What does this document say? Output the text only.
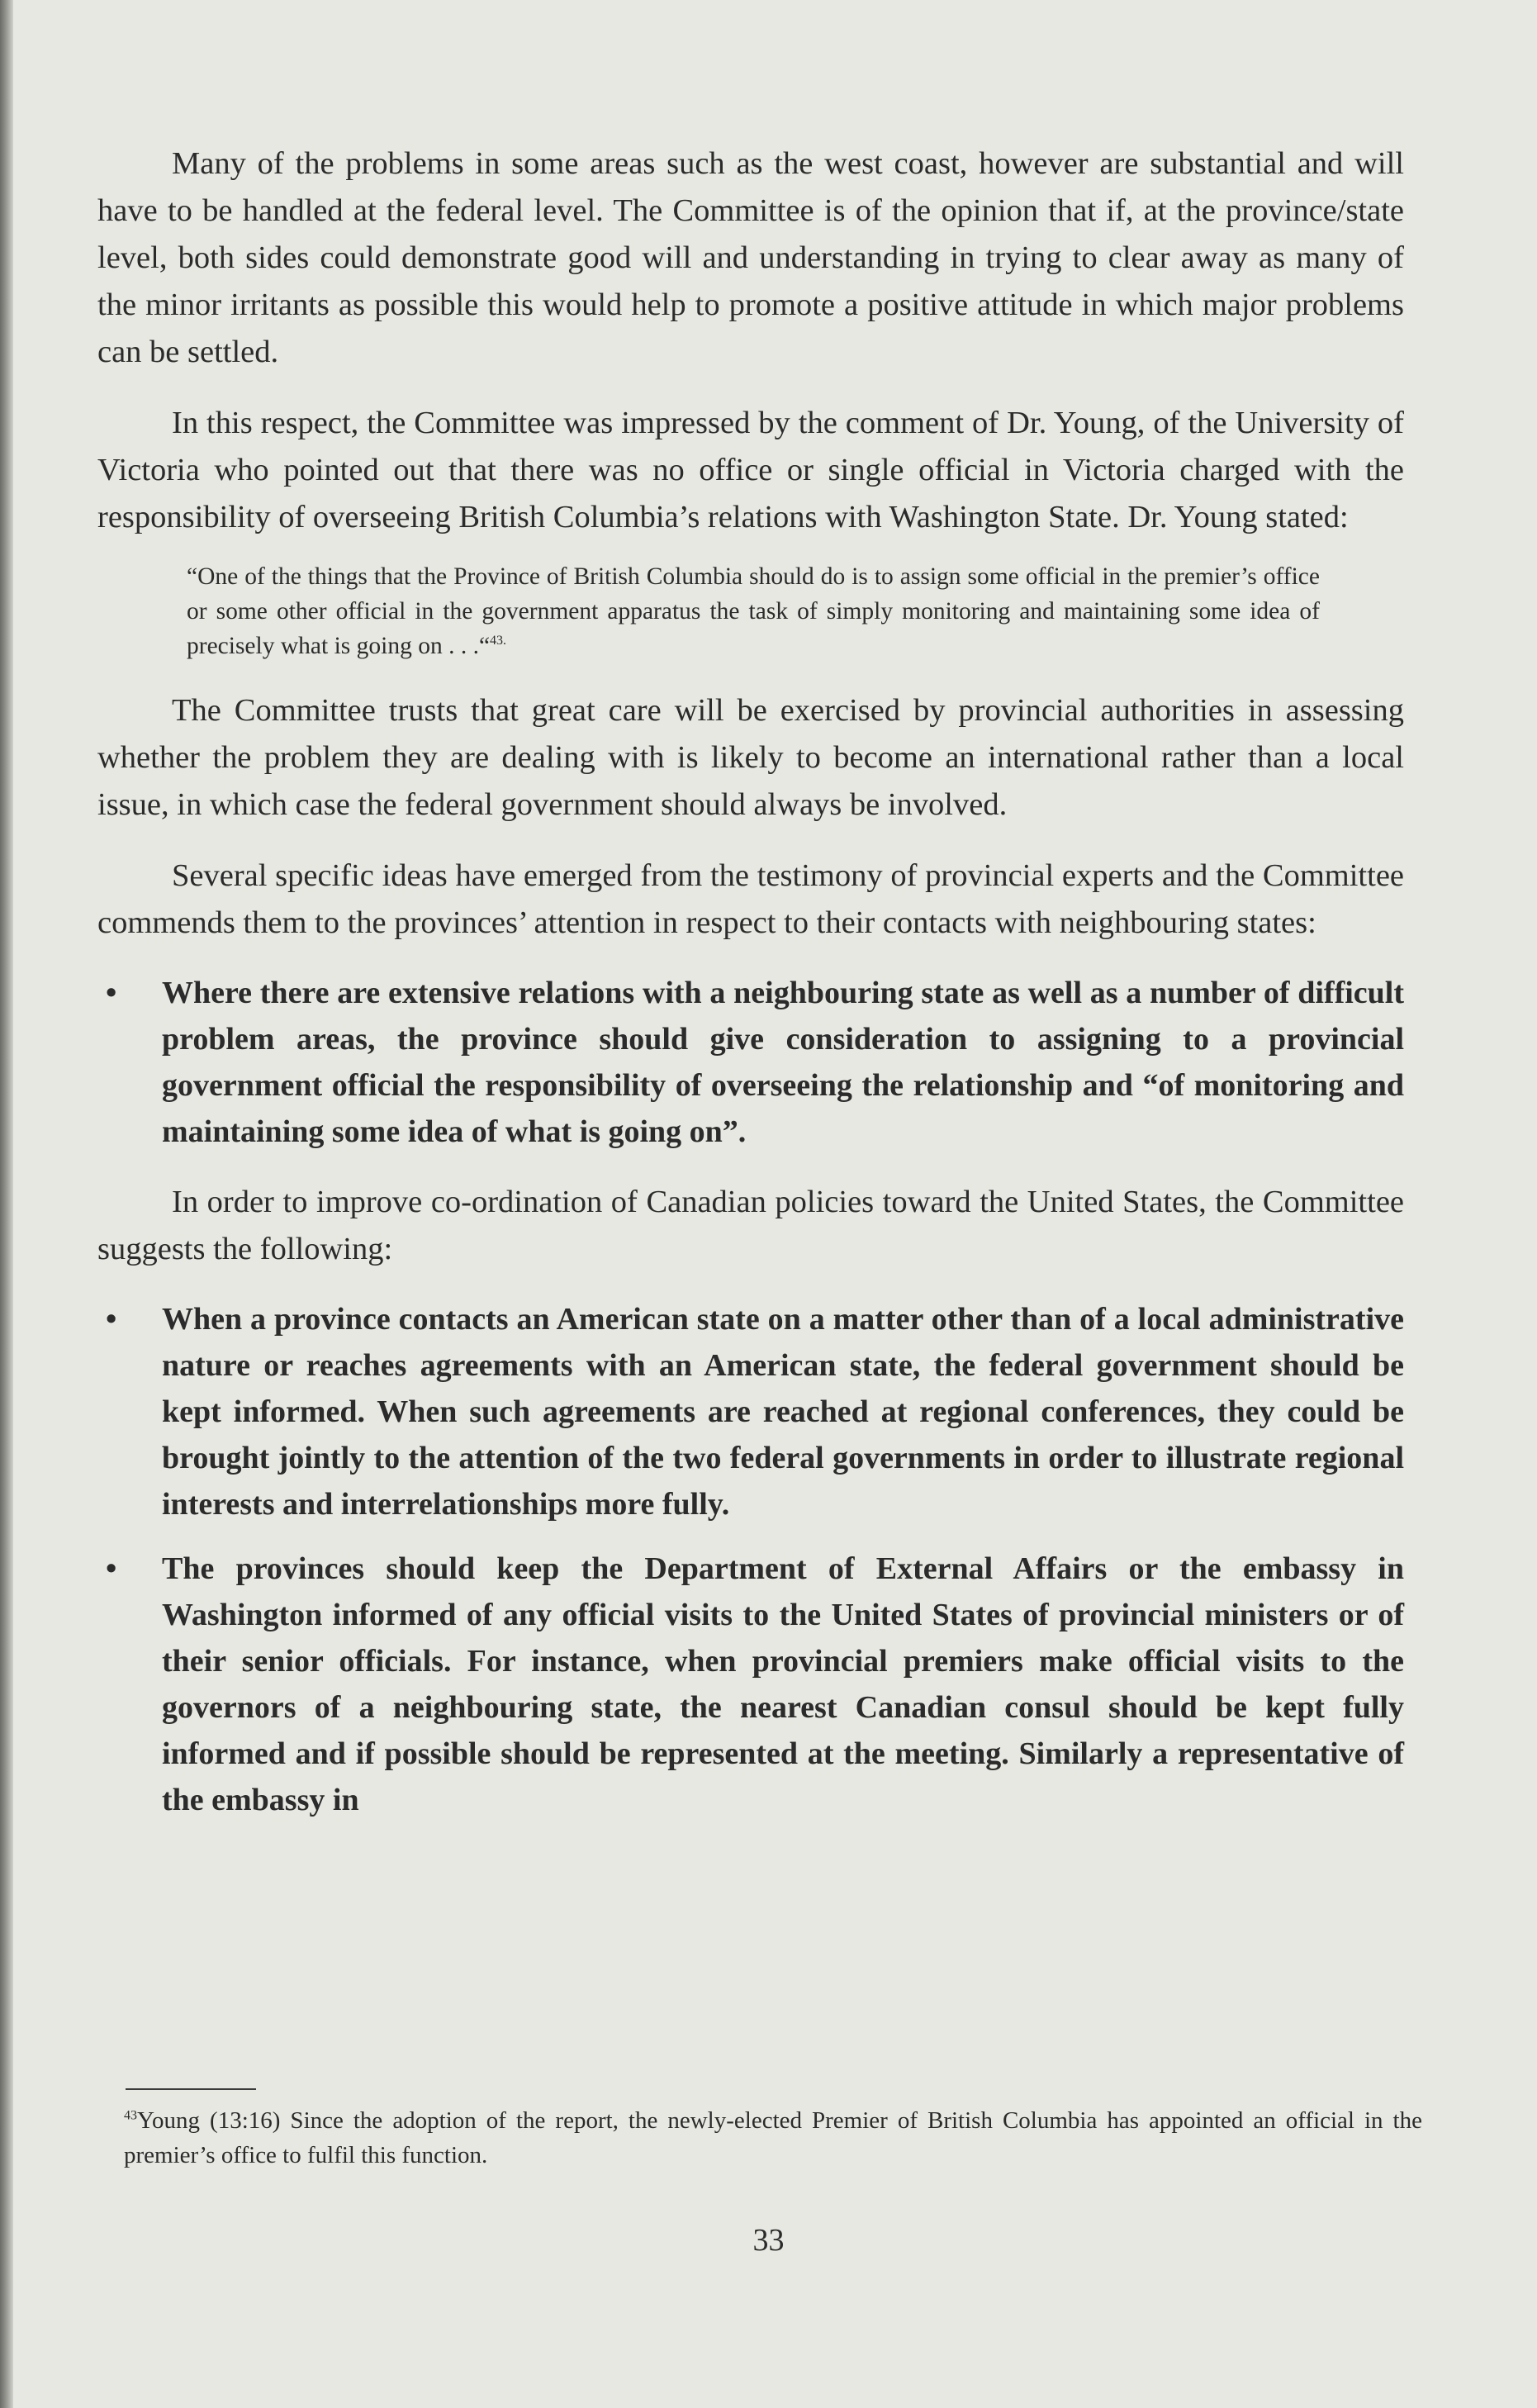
Many of the problems in some areas such as the west coast, however are substantial and will have to be handled at the federal level. The Committee is of the opinion that if, at the province/state level, both sides could demonstrate good will and understanding in trying to clear away as many of the minor irritants as possible this would help to promote a positive attitude in which major problems can be settled.

In this respect, the Committee was impressed by the comment of Dr. Young, of the University of Victoria who pointed out that there was no office or single official in Victoria charged with the responsibility of overseeing British Columbia’s relations with Washington State. Dr. Young stated:

“One of the things that the Province of British Columbia should do is to assign some official in the premier’s office or some other official in the government apparatus the task of simply monitoring and maintaining some idea of precisely what is going on . . .“$^{43.}$

The Committee trusts that great care will be exercised by provincial authorities in assessing whether the problem they are dealing with is likely to become an international rather than a local issue, in which case the federal government should always be involved.

Several specific ideas have emerged from the testimony of provincial experts and the Committee commends them to the provinces’ attention in respect to their contacts with neighbouring states:

• Where there are extensive relations with a neighbouring state as well as a number of difficult problem areas, the province should give consideration to assigning to a provincial government official the responsibility of overseeing the relationship and “of monitoring and maintaining some idea of what is going on”.

In order to improve co-ordination of Canadian policies toward the United States, the Committee suggests the following:

• When a province contacts an American state on a matter other than of a local administrative nature or reaches agreements with an American state, the federal government should be kept informed. When such agreements are reached at regional conferences, they could be brought jointly to the attention of the two federal governments in order to illustrate regional interests and interrelationships more fully.
• The provinces should keep the Department of External Affairs or the embassy in Washington informed of any official visits to the United States of provincial ministers or of their senior officials. For instance, when provincial premiers make official visits to the governors of a neighbouring state, the nearest Canadian consul should be kept fully informed and if possible should be represented at the meeting. Similarly a representative of the embassy in
$^{43}$Young (13:16) Since the adoption of the report, the newly-elected Premier of British Columbia has appointed an official in the premier’s office to fulfil this function.
33
